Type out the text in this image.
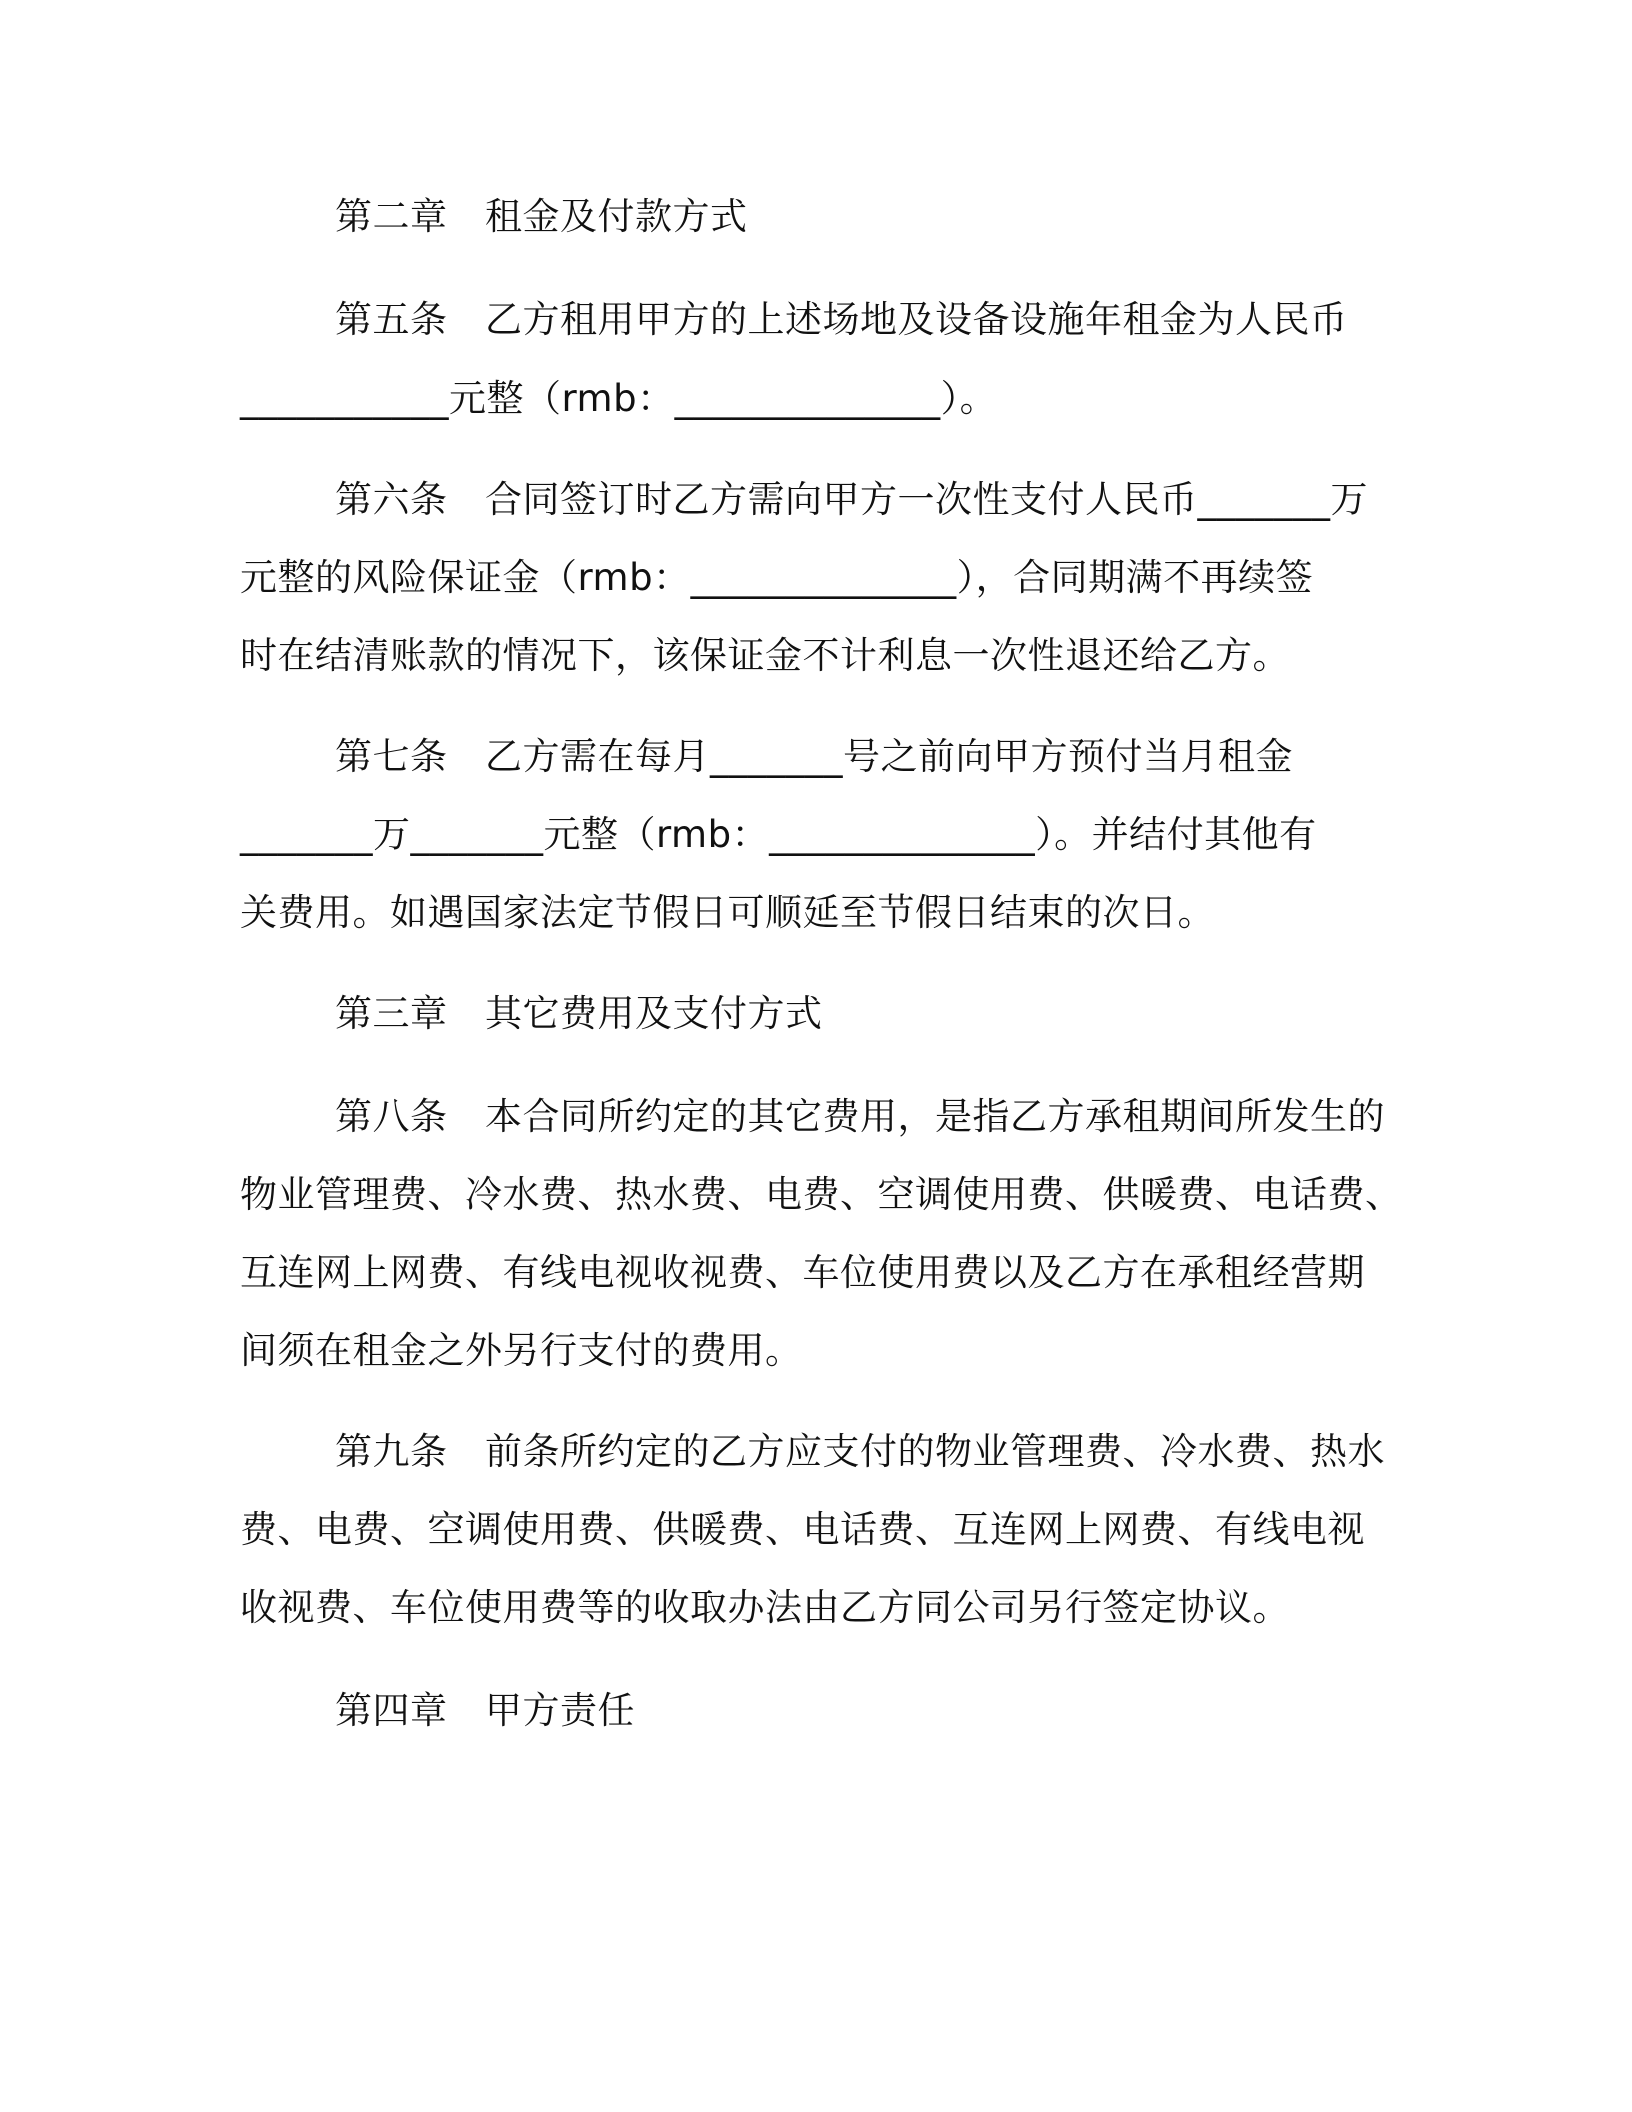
第二章　租金及付款方式
第五条　乙方租用甲方的上述场地及设备设施年租金为人民币
___________元整（rmb：______________）。
第六条　合同签订时乙方需向甲方一次性支付人民币_______万
元整的风险保证金（rmb：______________），合同期满不再续签
时在结清账款的情况下，该保证金不计利息一次性退还给乙方。
第七条　乙方需在每月_______号之前向甲方预付当月租金
_______万_______元整（rmb：______________）。并结付其他有
关费用。如遇国家法定节假日可顺延至节假日结束的次日。
第三章　其它费用及支付方式
第八条　本合同所约定的其它费用，是指乙方承租期间所发生的
物业管理费、冷水费、热水费、电费、空调使用费、供暖费、电话费、
互连网上网费、有线电视收视费、车位使用费以及乙方在承租经营期
间须在租金之外另行支付的费用。
第九条　前条所约定的乙方应支付的物业管理费、冷水费、热水
费、电费、空调使用费、供暖费、电话费、互连网上网费、有线电视
收视费、车位使用费等的收取办法由乙方同公司另行签定协议。
第四章　甲方责任
